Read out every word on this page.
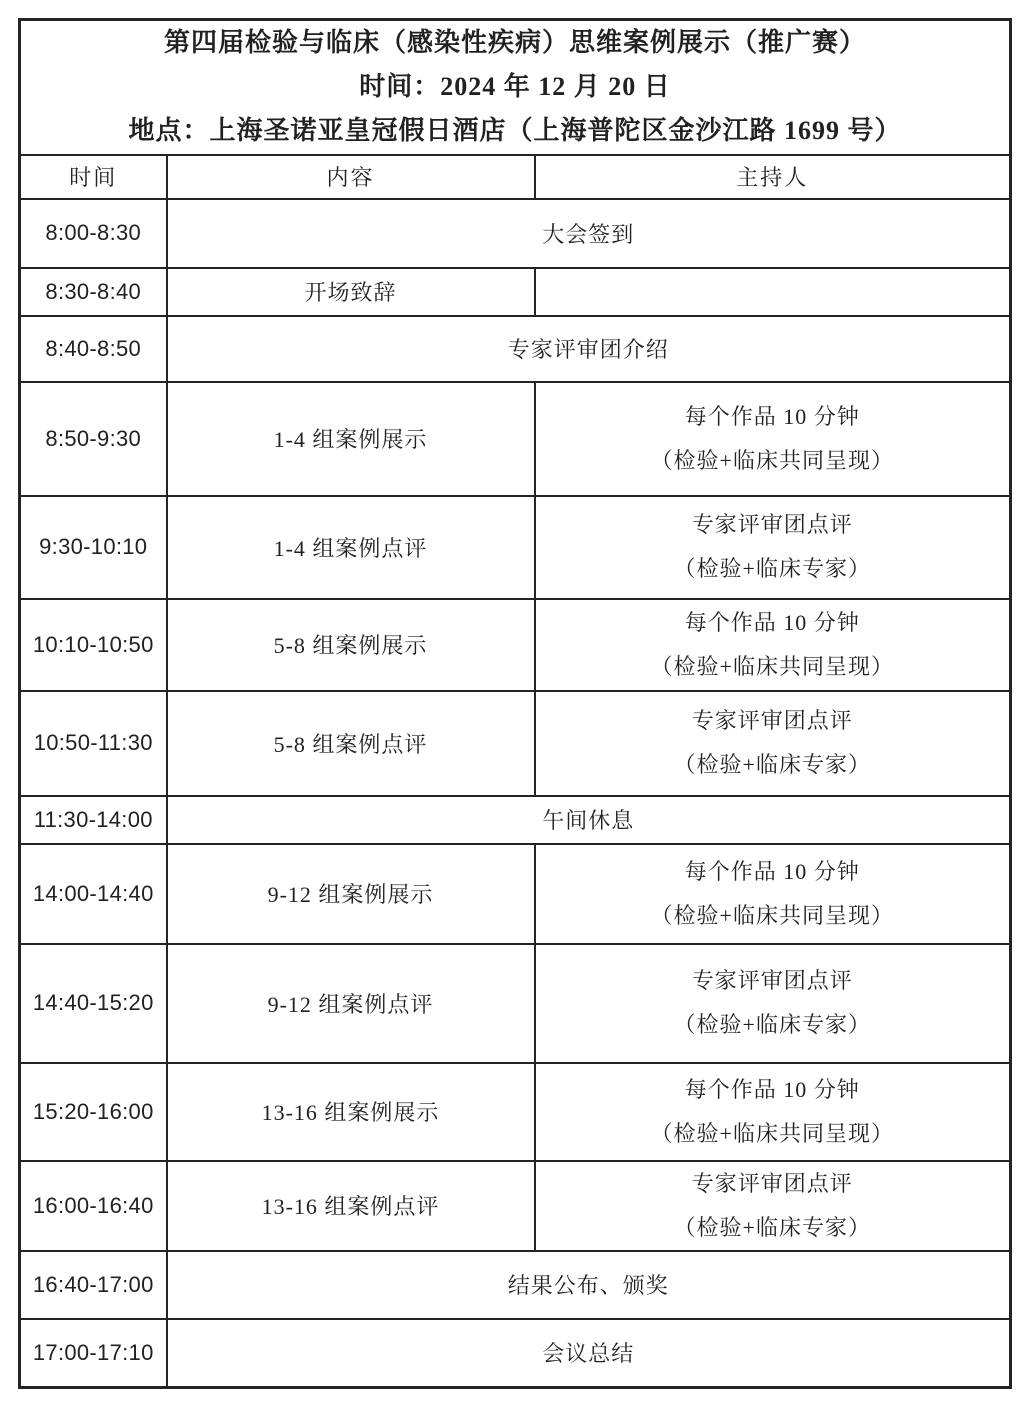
第四届检验与临床（感染性疾病）思维案例展示（推广赛）
时间：2024 年 12 月 20 日
地点：上海圣诺亚皇冠假日酒店（上海普陀区金沙江路 1699 号）		

时间	内容	主持人
8:00-8:30	大会签到	
8:30-8:40	开场致辞	
8:40-8:50	专家评审团介绍	
8:50-9:30	1-4 组案例展示	每个作品 10 分钟
（检验+临床共同呈现）

9:30-10:10	1-4 组案例点评	专家评审团点评
（检验+临床专家）

10:10-10:50	5-8 组案例展示	每个作品 10 分钟
（检验+临床共同呈现）

10:50-11:30	5-8 组案例点评	专家评审团点评
（检验+临床专家）

11:30-14:00	午间休息	
14:00-14:40	9-12 组案例展示	每个作品 10 分钟
（检验+临床共同呈现）

14:40-15:20	9-12 组案例点评	专家评审团点评
（检验+临床专家）

15:20-16:00	13-16 组案例展示	每个作品 10 分钟
（检验+临床共同呈现）

16:00-16:40	13-16 组案例点评	专家评审团点评
（检验+临床专家）

16:40-17:00	结果公布、颁奖	
17:00-17:10	会议总结	
